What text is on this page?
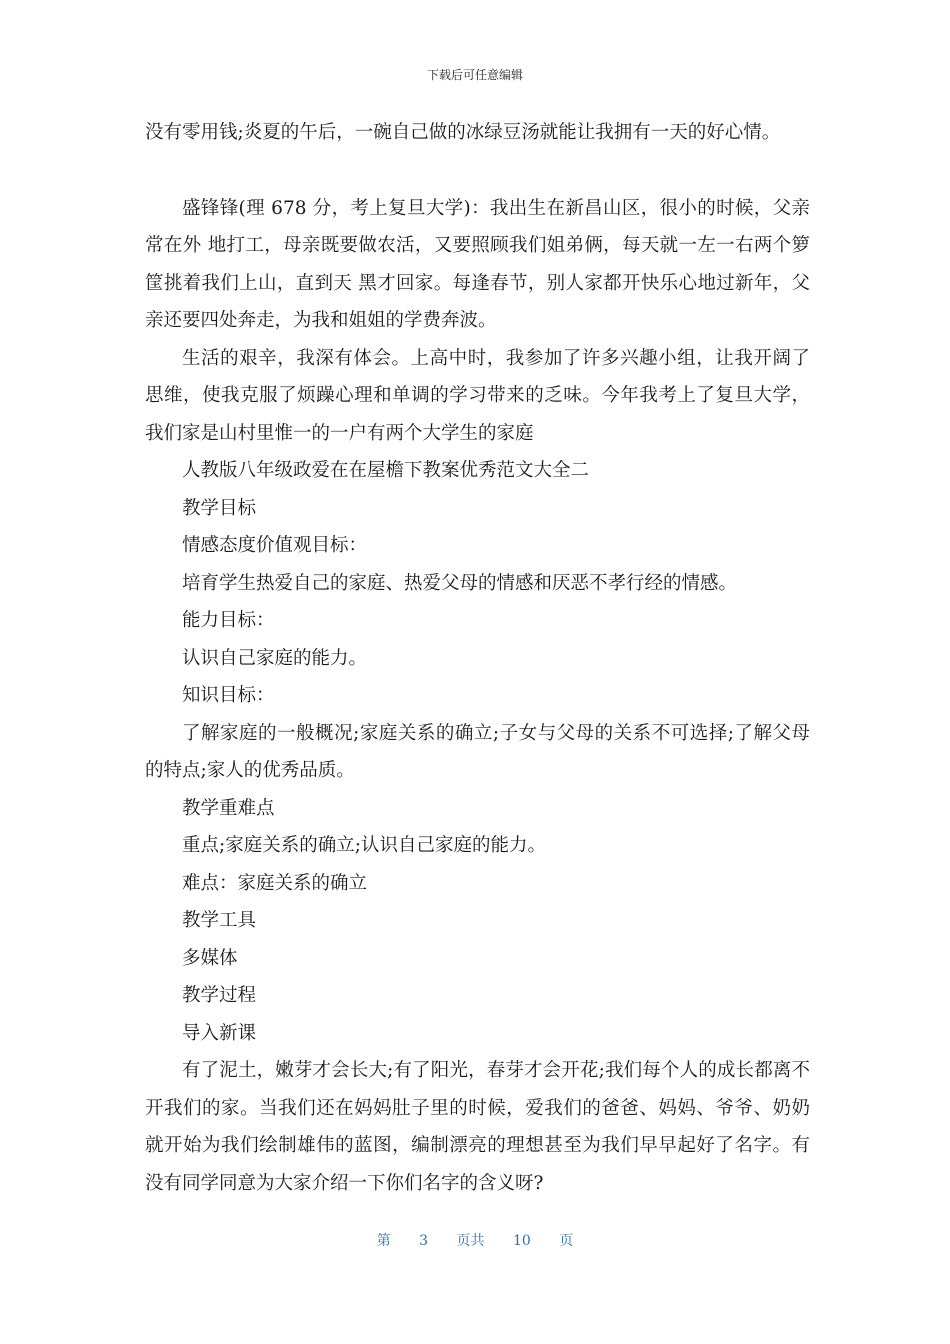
下载后可任意编辑

没有零用钱;炎夏的午后，一碗自己做的冰绿豆汤就能让我拥有一天的好心情。

盛锋锋(理 678 分，考上复旦大学)：我出生在新昌山区，很小的时候，父亲常在外 地打工，母亲既要做农活，又要照顾我们姐弟俩，每天就一左一右两个箩筐挑着我们上山，直到天 黑才回家。每逢春节，别人家都开快乐心地过新年，父亲还要四处奔走，为我和姐姐的学费奔波。

生活的艰辛，我深有体会。上高中时，我参加了许多兴趣小组，让我开阔了思维，使我克服了烦躁心理和单调的学习带来的乏味。今年我考上了复旦大学，我们家是山村里惟一的一户有两个大学生的家庭

人教版八年级政爱在在屋檐下教案优秀范文大全二

教学目标

情感态度价值观目标：

培育学生热爱自己的家庭、热爱父母的情感和厌恶不孝行经的情感。

能力目标：

认识自己家庭的能力。

知识目标：

了解家庭的一般概况;家庭关系的确立;子女与父母的关系不可选择;了解父母的特点;家人的优秀品质。

教学重难点

重点;家庭关系的确立;认识自己家庭的能力。

难点：家庭关系的确立

教学工具

多媒体

教学过程

导入新课

有了泥土，嫩芽才会长大;有了阳光，春芽才会开花;我们每个人的成长都离不开我们的家。当我们还在妈妈肚子里的时候，爱我们的爸爸、妈妈、爷爷、奶奶就开始为我们绘制雄伟的蓝图，编制漂亮的理想甚至为我们早早起好了名字。有没有同学同意为大家介绍一下你们名字的含义呀?

第 3 页共 10 页
